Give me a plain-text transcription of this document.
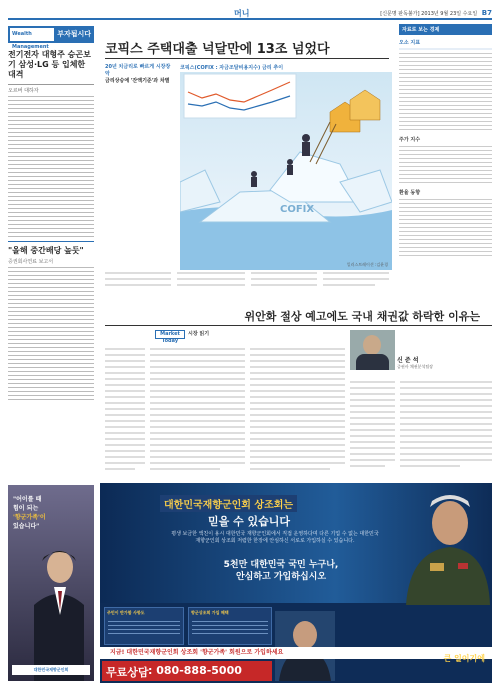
머니	[신문명 판독불가] 2013년 9월 23일 수요일 B7
Wealth Management
부자됩시다
전기전자 대형주 승곤보기 삼성·LG 등 입체한 대격
오르버 대하자
"올해 중간배당 높듯"
증권회사연료 보고서
코픽스 주택대출 넉달만에 13조 넘었다
20년 치금리로 빠르게 시장장악
금리상승에 '잔액기준'과 차별
코픽스(COFIX : 자금조달비용지수) 금리 추이
COFIX
일러스트레이션 :김윤경
자료로 보는 경제
오소 지표
주가 지수
환율 동향
위안화 절상 예고에도 국내 채권값 하락한 이유는
Market Today
시장 읽기
신 준 석
증권사 채권분석팀장
"어이를 때
힘이 되는
'향군가족'이
있습니다"
대한민국재향군인회
대한민국재향군인회 상조회는
믿을 수 있습니다
평생 보금한 액친이 용시 대한민국 재향군인회에서 직접 운영하다며 다른 기업 수 없는 대한민국재향군인회 상조회 저렴한 한장에 안심하신 서로로 가입하실 수 있습니다.
5천만 대한민국 국민 누구나,
안심하고 가입하십시오
주민이 반가함 사항도	향군상조회 가입 혜택
지금! 대한민국재향군인회 상조회 '향군가족' 회원으로 가입하세요
무료상담 : 080-888-5000
인생 정립지 표준은
큰 일이기에
